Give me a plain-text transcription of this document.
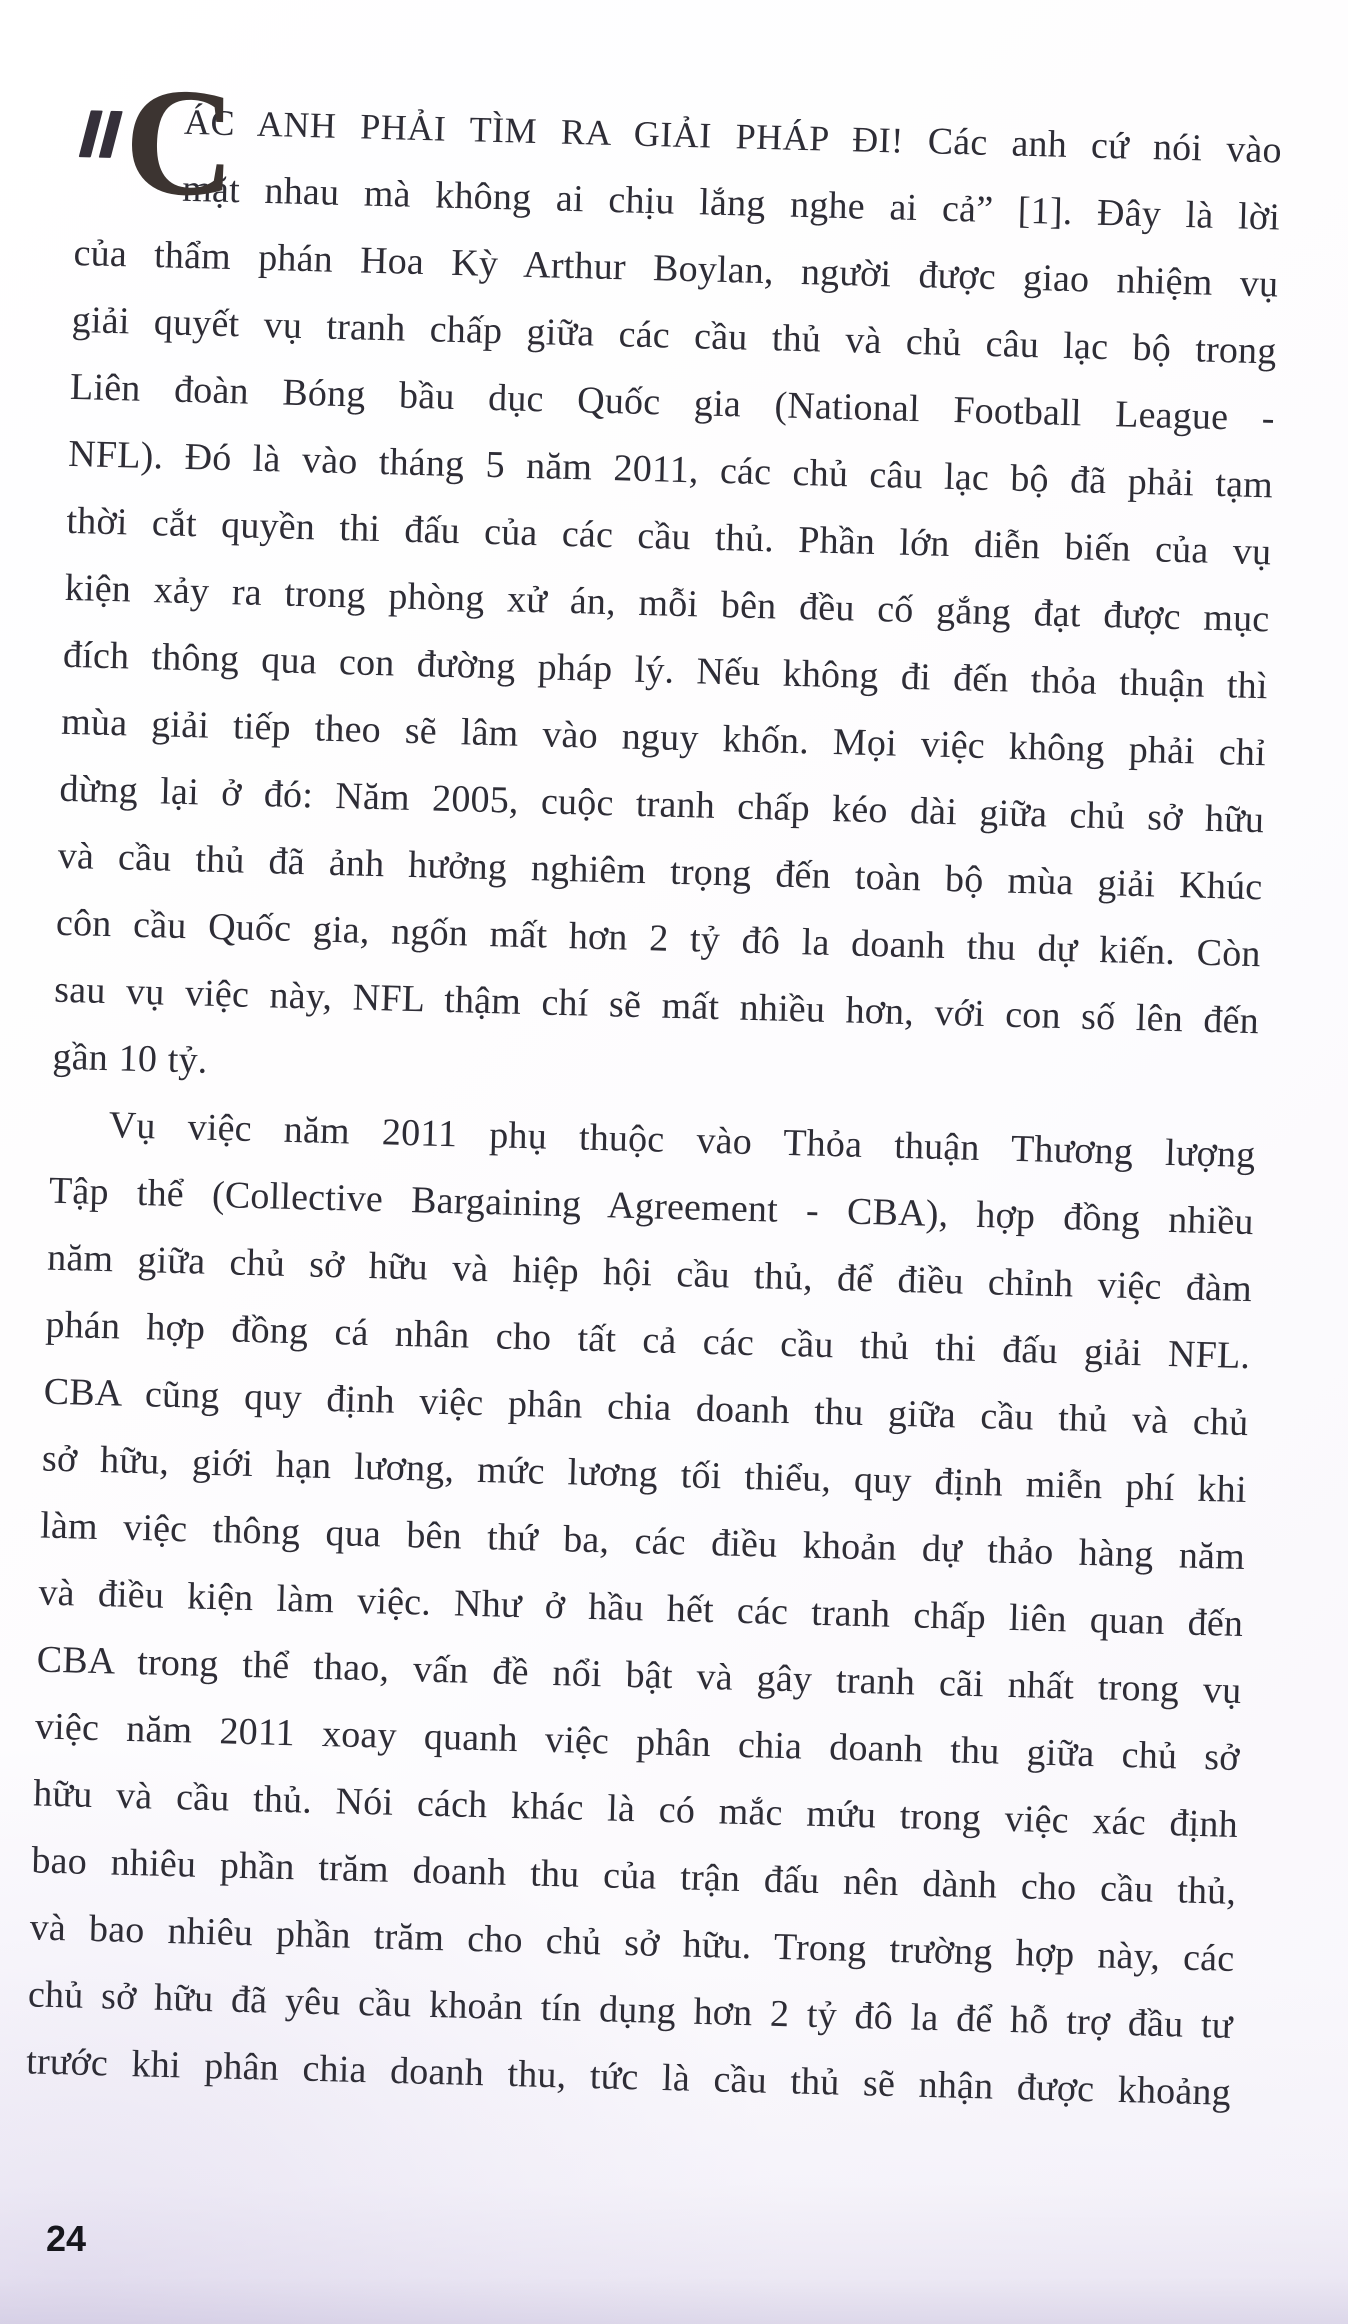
C
ÁC ANH PHẢI TÌM RA GIẢI PHÁP ĐI! Các anh cứ nói vào
mặt nhau mà không ai chịu lắng nghe ai cả” [1]. Đây là lời
của thẩm phán Hoa Kỳ Arthur Boylan, người được giao nhiệm vụ
giải quyết vụ tranh chấp giữa các cầu thủ và chủ câu lạc bộ trong
Liên đoàn Bóng bầu dục Quốc gia (National Football League -
NFL). Đó là vào tháng 5 năm 2011, các chủ câu lạc bộ đã phải tạm
thời cắt quyền thi đấu của các cầu thủ. Phần lớn diễn biến của vụ
kiện xảy ra trong phòng xử án, mỗi bên đều cố gắng đạt được mục
đích thông qua con đường pháp lý. Nếu không đi đến thỏa thuận thì
mùa giải tiếp theo sẽ lâm vào nguy khốn. Mọi việc không phải chỉ
dừng lại ở đó: Năm 2005, cuộc tranh chấp kéo dài giữa chủ sở hữu
và cầu thủ đã ảnh hưởng nghiêm trọng đến toàn bộ mùa giải Khúc
côn cầu Quốc gia, ngốn mất hơn 2 tỷ đô la doanh thu dự kiến. Còn
sau vụ việc này, NFL thậm chí sẽ mất nhiều hơn, với con số lên đến
gần 10 tỷ.
Vụ việc năm 2011 phụ thuộc vào Thỏa thuận Thương lượng
Tập thể (Collective Bargaining Agreement - CBA), hợp đồng nhiều
năm giữa chủ sở hữu và hiệp hội cầu thủ, để điều chỉnh việc đàm
phán hợp đồng cá nhân cho tất cả các cầu thủ thi đấu giải NFL.
CBA cũng quy định việc phân chia doanh thu giữa cầu thủ và chủ
sở hữu, giới hạn lương, mức lương tối thiểu, quy định miễn phí khi
làm việc thông qua bên thứ ba, các điều khoản dự thảo hàng năm
và điều kiện làm việc. Như ở hầu hết các tranh chấp liên quan đến
CBA trong thể thao, vấn đề nổi bật và gây tranh cãi nhất trong vụ
việc năm 2011 xoay quanh việc phân chia doanh thu giữa chủ sở
hữu và cầu thủ. Nói cách khác là có mắc mứu trong việc xác định
bao nhiêu phần trăm doanh thu của trận đấu nên dành cho cầu thủ,
và bao nhiêu phần trăm cho chủ sở hữu. Trong trường hợp này, các
chủ sở hữu đã yêu cầu khoản tín dụng hơn 2 tỷ đô la để hỗ trợ đầu tư
trước khi phân chia doanh thu, tức là cầu thủ sẽ nhận được khoảng
24
